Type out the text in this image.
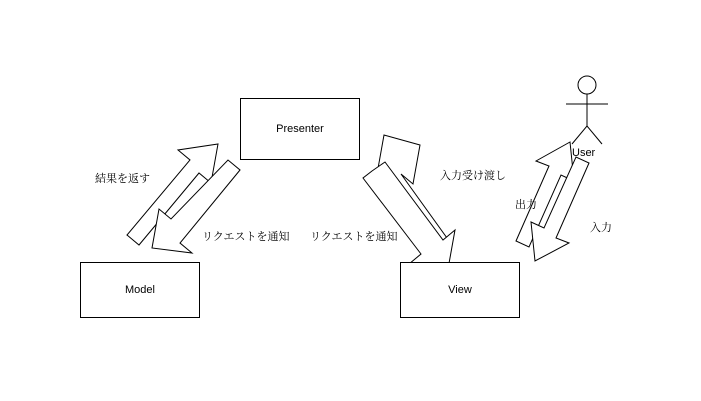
Presenter
Model	View
User
結果を返す
リクエストを通知 リクエストを通知
入力受け渡し
出力
入力
